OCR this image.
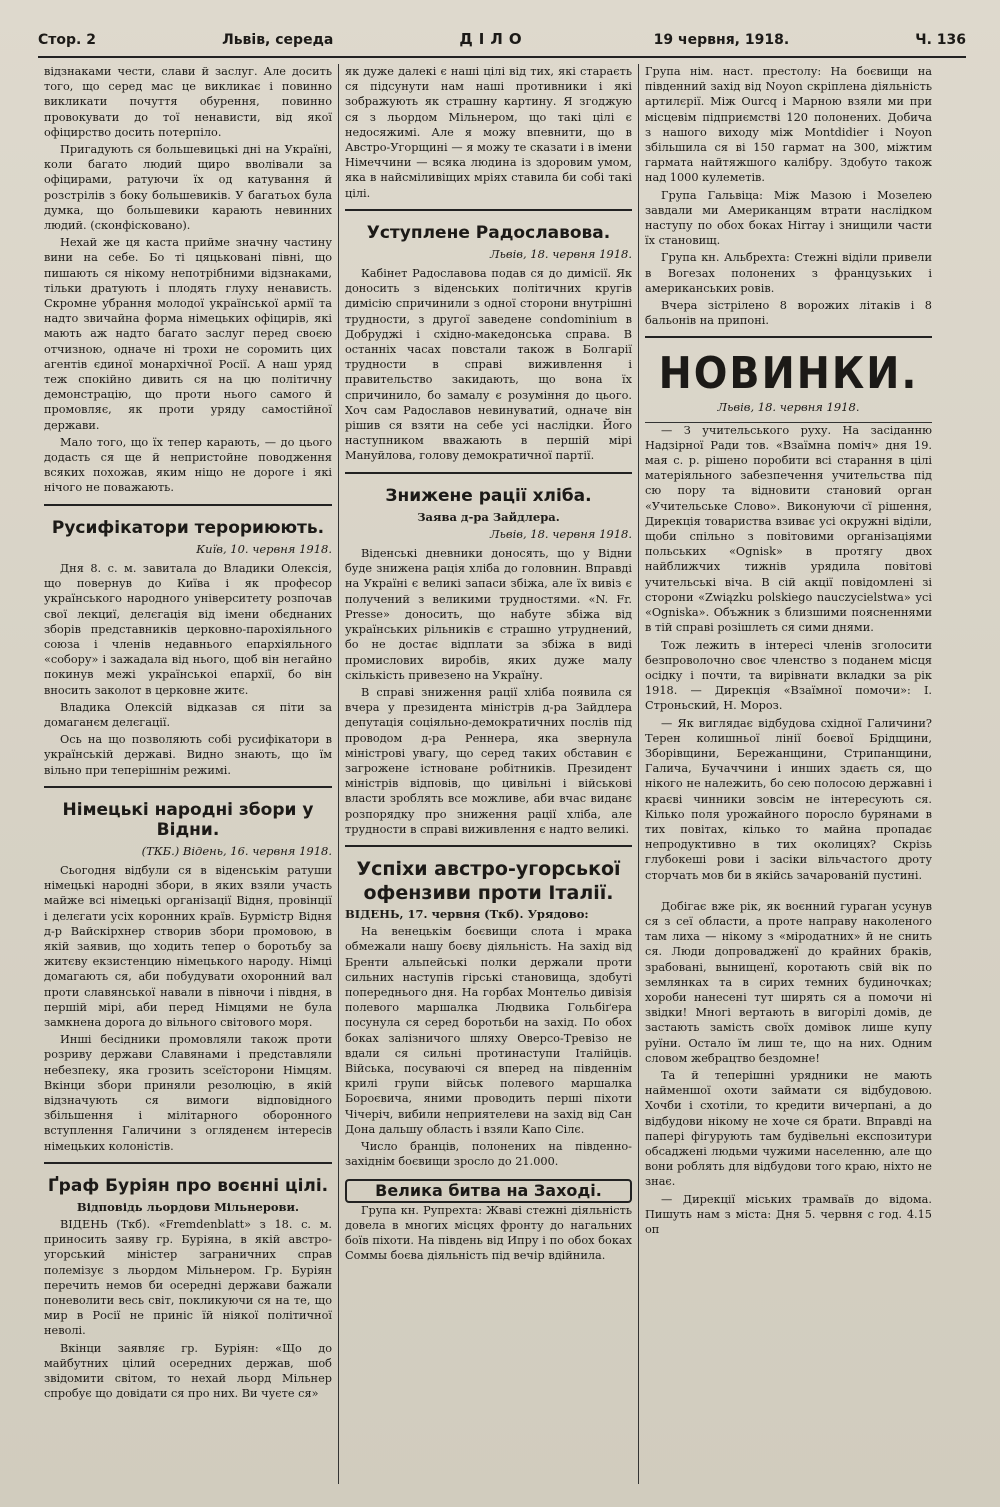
Стор. 2	Львів, середа	ДІЛО	19 червня, 1918.	Ч. 136

відзнаками чести, слави й заслуг. Але досить того, що серед мас це викликає і повинно викликати почуття обурення, повинно провокувати до тої ненависти, від якої офіцирство досить потерпіло.

Пригадують ся большевицькі дні на Україні, коли багато людий щиро вволівали за офіцирами, ратуючи їх од катування й розстрілів з боку большевиків. У багатьох була думка, що большевики карають невинних людий. (сконфісковано).

Нехай же ця каста прийме значну частину вини на себе. Бо ті цяцьковані півні, що пишають ся нікому непотрібними відзнаками, тільки дратують і плодять глуху ненависть. Скромне убрання молодої української армії та надто звичайна форма німецьких офіцирів, які мають аж надто багато заслуг перед своєю отчизною, одначе ні трохи не соромить цих агентів єдиної монархічної Росії. А наш уряд теж спокійно дивить ся на цю політичну демонстрацію, що проти нього самого й промовляє, як проти уряду самостійної держави.

Мало того, що їх тепер карають, — до цього додасть ся ще й непристойне поводження всяких похожав, яким нiщо не дороге і які нічого не поважають.

Русифікатори терориюють.
Київ, 10. червня 1918.

Дня 8. с. м. завитала до Владики Олексія, що повернув до Київа і як професор українського народного університету розпочав свої лекциї, делєгація від імени обєднаних зборів представників церковно-парохіяльного союза і членів недавнього епархіяльного «собору» і зажадала від нього, щоб він негайно покинув межі українськоі епархії, бо він вносить заколот в церковне житє.

Владика Олексій відказав ся піти за домаганєм делєгації.

Ось на що позволяють собі русифікатори в українській державі. Видно знають, що їм вільно при теперішнім режимі.

Німецькі народні збори у Відни.
(ТКБ.) Відень, 16. червня 1918.

Сьогодня відбули ся в віденськім ратуши німецькі народні збори, в яких взяли участь майже всі німецькі організації Відня, провінції і делєгати усіх коронних країв. Бурмістр Відня д-р Вайскірхнер створив збори промовою, в якій заявив, що ходить тепер о боротьбу за житєву екзистенцию німецького народу. Німці домагають ся, аби побудувати охоронний вал проти славянської навали в півночи і півдня, в першій мірі, аби перед Німцями не була замкнена дорога до вільного світового моря.

Инші бесідники промовляли також проти розриву держави Славянами і представляли небезпеку, яка грозить зсеїсторони Німцям. Вкінци збори приняли резолюцію, в якій відзначують ся вимоги відповідного збільшення і мілітарного оборонного вступлення Галичини з огляденєм інтересів німецьких колоністів.

Ґраф Буріян про воєнні цілі.
Відповідь льордови Мільнерови.

ВІДЕНЬ (Ткб). «Fremdenblatt» з 18. с. м. приносить заяву гр. Буріяна, в якій австро-угорський міністер заграничних справ полемізує з льордом Мільнером. Гр. Буріян перечить немов би осередні держави бажали поневолити весь світ, покликуючи ся на те, що мир в Росії не приніс їй ніякої політичної неволі.

Вкінци заявляє гр. Буріян: «Що до майбутних цілий осередних держав, шоб звідомити світом, то нехай льорд Мільнер спробує що довідати ся про них. Ви чуєте ся»

як дуже далекі є наші цілі від тих, які стараєть ся підсунути нам наші противники і які зображують як страшну картину. Я згоджую ся з льордом Мільнером, що такі цілі є недосяжимі. Але я можу впевнити, що в Австро-Угорщині — я можу те сказати і в імени Німеччини — всяка людина із здоровим умом, яка в найсміливіщих мріях ставила би собі такі цілі.

Уступлене Радославова.
Львів, 18. червня 1918.

Кабінет Радославова подав ся до димісії. Як доносить з віденських політичних кругів димісію спричинили з одної сторони внутрішні трудности, з другої заведене condominium в Добруджі і східно-македонська справа. В останніх часах повстали також в Болгарії трудности в справі виживлення і правительство закидають, що вона їх спричинило, бо замалу є розуміння до цього. Хоч сам Радославов невинуватий, одначе він рішив ся взяти на себе усі наслідки. Його наступником вважають в першій мірі Мануйлова, голову демократичної партії.

Знижене рації хліба.
Заява д-ра Зайдлера.
Львів, 18. червня 1918.

Віденські дневники доносять, що у Відни буде знижена рація хліба до головнин. Вправді на Україні є великі запаси збіжа, але їх вивіз є получений з великими трудностями. «N. Fr. Presse» доносить, що набуте збіжа від українських рільників є страшно утруднений, бо не достає відплати за збіжа в виді промислових виробів, яких дуже малу скількість привезено на Україну.

В справі зниження рації хліба появила ся вчера у президента міністрів д-ра Зайдлера депутація соціяльно-демократичних послів під проводом д-ра Реннера, яка звернула міністрові увагу, що серед таких обставин є загрожене істноване робітників. Президент міністрів відповів, що цивільні і військові власти зроблять все можливе, аби вчас виданє розпорядку про зниження рації хліба, але трудности в справі виживлення є надто великі.

Успіхи австро-угорської
офензиви проти Італії.
ВІДЕНЬ, 17. червня (Ткб). Урядово:

На венецькім боєвищи слота і мрака обмежали нашу боєву діяльність. На захід від Бренти альпейські полки держали проти сильних наступів гірські становища, здобуті попереднього дня. На горбах Монтельо дивізія полевого маршалка Людвика Гольбіґера посунула ся серед боротьби на захід. По обох боках залізничого шляху Оверсо-Тревізо не вдали ся сильні протинаступи Італійців. Війська, посуваючі ся вперед на південнім крилі групи військ полевого маршалка Бороєвича, яними проводить перші піхоти Чічеріч, вибили неприятелеви на захід від Сан Дона дальшу область і взяли Капо Сілє.

Число бранців, полонених на південно-західнім боєвищи зросло до 21.000.

Велика битва на Заході.

Група кн. Рупрехта: Жваві стежні діяльність довела в многих місцях фронту до нагальних боїв піхоти. На південь від Ипру і по обох боках Соммы боєва діяльність під вечір вдійнила.

Група нім. наст. престолу: На боєвищи на південний захід від Noyon скріплена діяльність артилєрії. Між Ourcq і Марною взяли ми при місцевім підприємстві 120 полонених. Добича з нашого виходу між Montdidier і Noyon збільшила ся ві 150 гармат на 300, міжтим гармата найтяжшого калібру. Здобуто також над 1000 кулеметів.

Група Гальвіца: Між Мазою і Мозелею завдали ми Американцям втрати наслідком наступу по обох боках Нirray і знищили части їх становищ.

Група кн. Альбрехта: Стежні віділи привели в Вогезах полонених з французьких і американських ровів.

Вчера зістрілено 8 ворожих літаків і 8 бальонів на припоні.

НОВИНКИ.
Львів, 18. червня 1918.

— З учительського руху. На засіданню Надзірної Ради тов. «Взаїмна поміч» дня 19. мая с. р. рішено поробити всі старання в цілі матеріяльного забезпечення учительства під сю пору та відновити становий орган «Учительське Слово». Виконуючи сї рішення, Дирекція товариства взиває усі окружні віділи, щоби спільно з повітовими організаціями польських «Ognisk» в протягу двох найближчих тижнів урядила повітові учительські віча. В сій акції повідомлені зі сторони «Związku polskiego nauczycielstwa» усі «Ogniska». Объжник з близшими поясненнями в тій справі розішлеть ся сими днями.

Тож лежить в інтересі членів зголосити безпроволочно своє членство з поданем місця осідку і почти, та вирівнати вкладки за рік 1918. — Дирекція «Взаїмної помочи»: І. Строньский, Н. Мороз.

— Як виглядає відбудова східної Галичини? Терен колишньої лінії боєвої Брідщини, Зборівщини, Бережанщини, Стрипанщини, Галича, Бучаччини і инших здаєть ся, що нікого не належить, бо сею полосою державні і краєві чинники зовсім не інтересують ся. Кілько поля урожайного поросло бурянами в тих повітах, кілько то майна пропадає непродуктивно в тих околицях? Скрізь глубокеші рови і засіки вільчастого дроту сторчать мов би в якійсь зачарованій пустині.

Добігає вже рік, як воєнний гураган усунув ся з сеї области, а проте направу наколеного там лиха — нікому з «мірoдатних» й не снить ся. Люди допровадженї до крайних браків, зрабовані, вынищенї, коротають свій вік по землянках та в сирих темних будиночках; хороби нанесені тут ширять ся а помочи ні звідки! Многі вертають в вигорілі домів, де застають замість своїх домівок лише купу руїни. Остало їм лиш те, що на них. Одним словом жебрацтво бездомне!

Та й теперішні урядники не мають найменшої охоти займати ся відбудовою. Хочби і схотіли, то кредити вичерпані, а до відбудови нікому не хоче ся брати. Вправді на папері фігурують там будівельні експозитури обсаджені людьми чужими населенню, але що вони роблять для відбудови того краю, ніхто не знає.

— Дирекції міських трамваїв до відома. Пишуть нам з міста: Дня 5. червня с год. 4.15 оп
